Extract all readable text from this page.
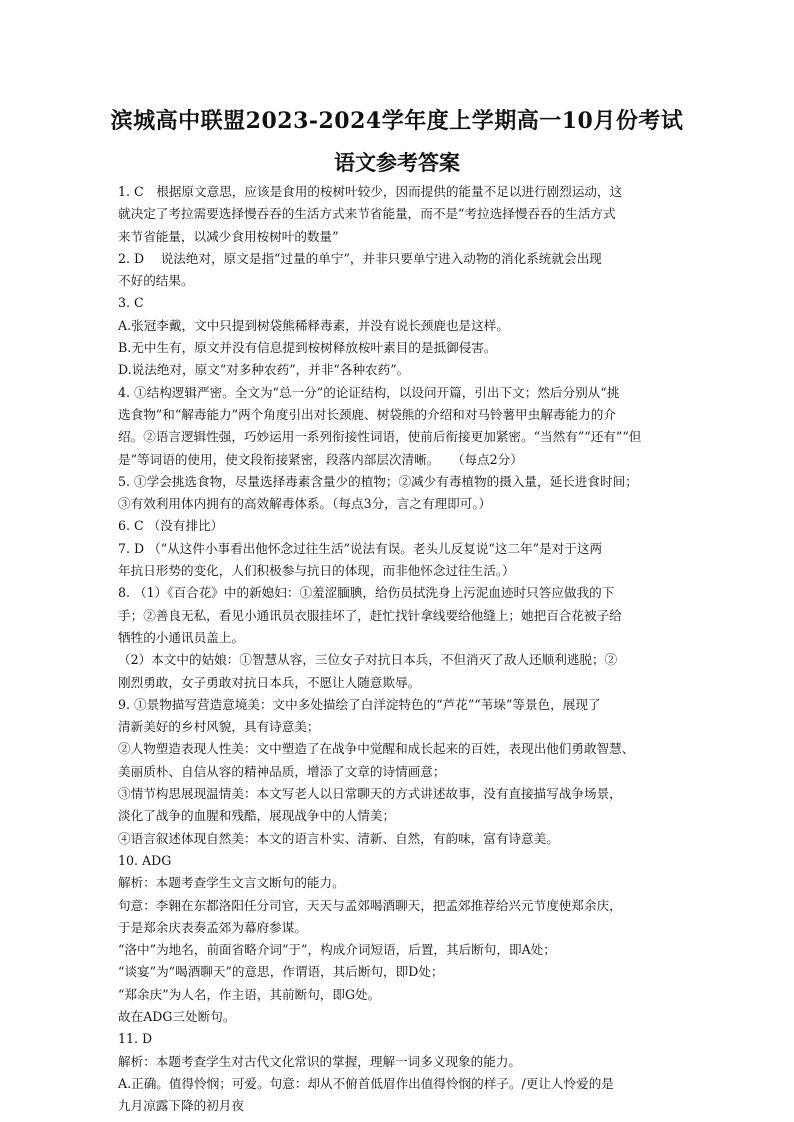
滨城高中联盟2023-2024学年度上学期高一10月份考试
语文参考答案
1. C　根据原文意思，应该是食用的桉树叶较少，因而提供的能量不足以进行剧烈运动，这
就决定了考拉需要选择慢吞吞的生活方式来节省能量，而不是“考拉选择慢吞吞的生活方式
来节省能量，以减少食用桉树叶的数量”
2. D　 说法绝对，原文是指“过量的单宁”，并非只要单宁进入动物的消化系统就会出现
不好的结果。
3. C
A.张冠李戴，文中只提到树袋熊稀释毒素，并没有说长颈鹿也是这样。
B.无中生有，原文并没有信息提到桉树释放桉叶素目的是抵御侵害。
D.说法绝对，原文“对多种农药”，并非“各种农药”。
4. ①结构逻辑严密。全文为“总一分”的论证结构，以设问开篇，引出下文；然后分别从“挑
选食物”和“解毒能力”两个角度引出对长颈鹿、树袋熊的介绍和对马铃薯甲虫解毒能力的介
绍。②语言逻辑性强，巧妙运用一系列衔接性词语，使前后衔接更加紧密。“当然有”“还有”“但
是”等词语的使用，使文段衔接紧密，段落内部层次清晰。　　（每点2分）
5. ①学会挑选食物，尽量选择毒素含量少的植物；②减少有毒植物的摄入量，延长进食时间；
③有效利用体内拥有的高效解毒体系。（每点3分，言之有理即可。）
6. C （没有排比）
7. D （“从这件小事看出他怀念过往生活”说法有误。老头儿反复说“这二年”是对于这两
年抗日形势的变化，人们积极参与抗日的体现，而非他怀念过往生活。）
8. （1）《百合花》中的新媳妇：①羞涩腼腆，给伤员拭洗身上污泥血迹时只答应做我的下
手；②善良无私，看见小通讯员衣服挂坏了，赶忙找针拿线要给他缝上；她把百合花被子给
牺牲的小通讯员盖上。
（2）本文中的姑娘：①智慧从容，三位女子对抗日本兵，不但消灭了敌人还顺利逃脱；②
刚烈勇敢，女子勇敢对抗日本兵，不愿让人随意欺辱。
9. ①景物描写营造意境美：文中多处描绘了白洋淀特色的“芦花”“苇垛”等景色，展现了
清新美好的乡村风貌，具有诗意美；
②人物塑造表现人性美：文中塑造了在战争中觉醒和成长起来的百姓，表现出他们勇敢智慧、
美丽质朴、自信从容的精神品质，增添了文章的诗情画意；
③情节构思展现温情美：本文写老人以日常聊天的方式讲述故事，没有直接描写战争场景，
淡化了战争的血腥和残酷，展现战争中的人情美；
④语言叙述体现自然美：本文的语言朴实、清新、自然，有韵味，富有诗意美。
10. ADG
解析：本题考查学生文言文断句的能力。
句意：李翱在东都洛阳任分司官，天天与孟郊喝酒聊天，把孟郊推荐给兴元节度使郑余庆，
于是郑余庆表奏孟郊为幕府参谋。
“洛中”为地名，前面省略介词“于”，构成介词短语，后置，其后断句，即A处；
“谈宴”为“喝酒聊天”的意思，作谓语，其后断句，即D处；
“郑余庆”为人名，作主语，其前断句，即G处。
故在ADG三处断句。
11. D
解析：本题考查学生对古代文化常识的掌握，理解一词多义现象的能力。
A.正确。值得怜悯；可爱。句意：却从不俯首低眉作出值得怜悯的样子。/更让人怜爱的是
九月凉露下降的初月夜
